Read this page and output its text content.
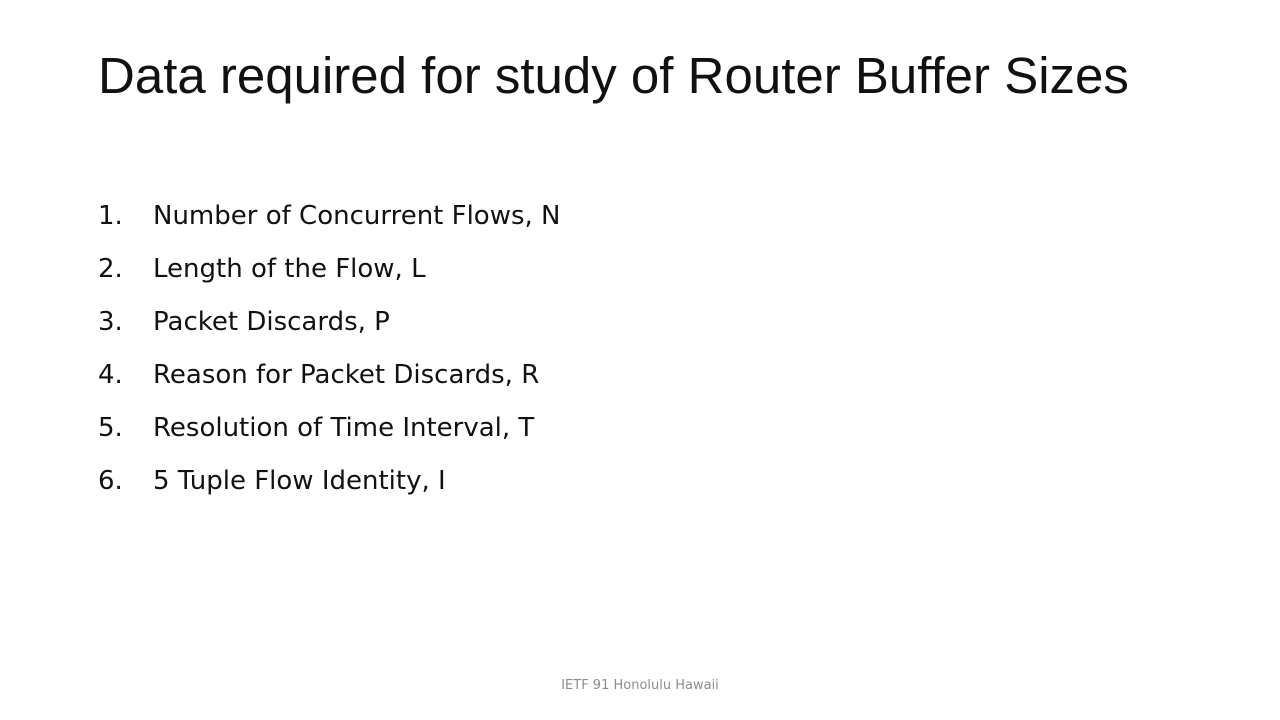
Data required for study of Router Buffer Sizes
1.	Number of Concurrent Flows, N
2.	Length of the Flow, L
3.	Packet Discards, P
4.	Reason for Packet Discards, R
5.	Resolution of Time Interval, T
6.	5 Tuple Flow Identity, I
IETF 91 Honolulu Hawaii
